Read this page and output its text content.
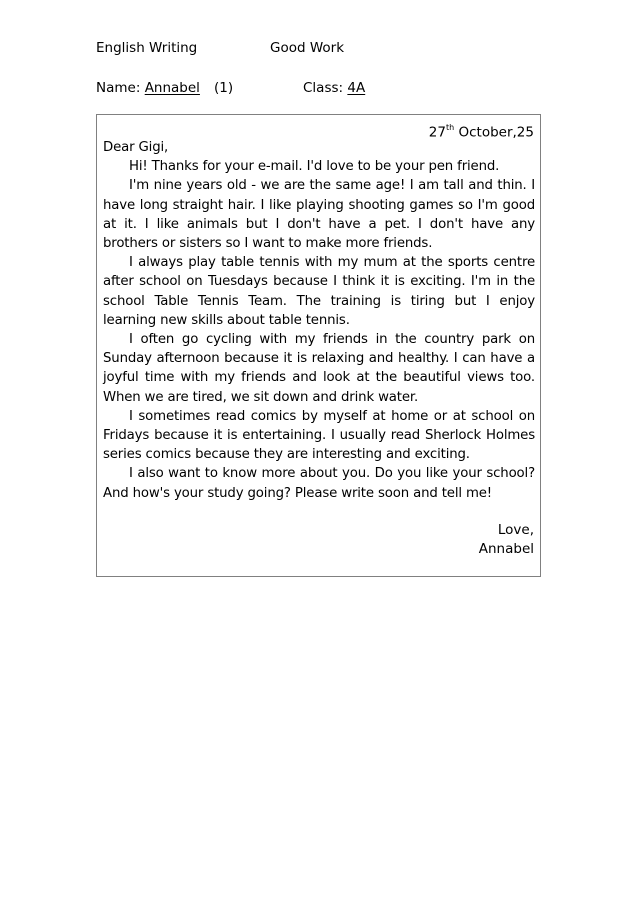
English Writing	Good Work
Name: Annabel (1)	Class: 4A
27th October,25

Dear Gigi,

Hi! Thanks for your e-mail. I'd love to be your pen friend.

I'm nine years old - we are the same age! I am tall and thin. I have long straight hair. I like playing shooting games so I'm good at it. I like animals but I don't have a pet. I don't have any brothers or sisters so I want to make more friends.

I always play table tennis with my mum at the sports centre after school on Tuesdays because I think it is exciting. I'm in the school Table Tennis Team. The training is tiring but I enjoy learning new skills about table tennis.

I often go cycling with my friends in the country park on Sunday afternoon because it is relaxing and healthy. I can have a joyful time with my friends and look at the beautiful views too. When we are tired, we sit down and drink water.

I sometimes read comics by myself at home or at school on Fridays because it is entertaining. I usually read Sherlock Holmes series comics because they are interesting and exciting.

I also want to know more about you. Do you like your school? And how's your study going? Please write soon and tell me!

Love,
Annabel
